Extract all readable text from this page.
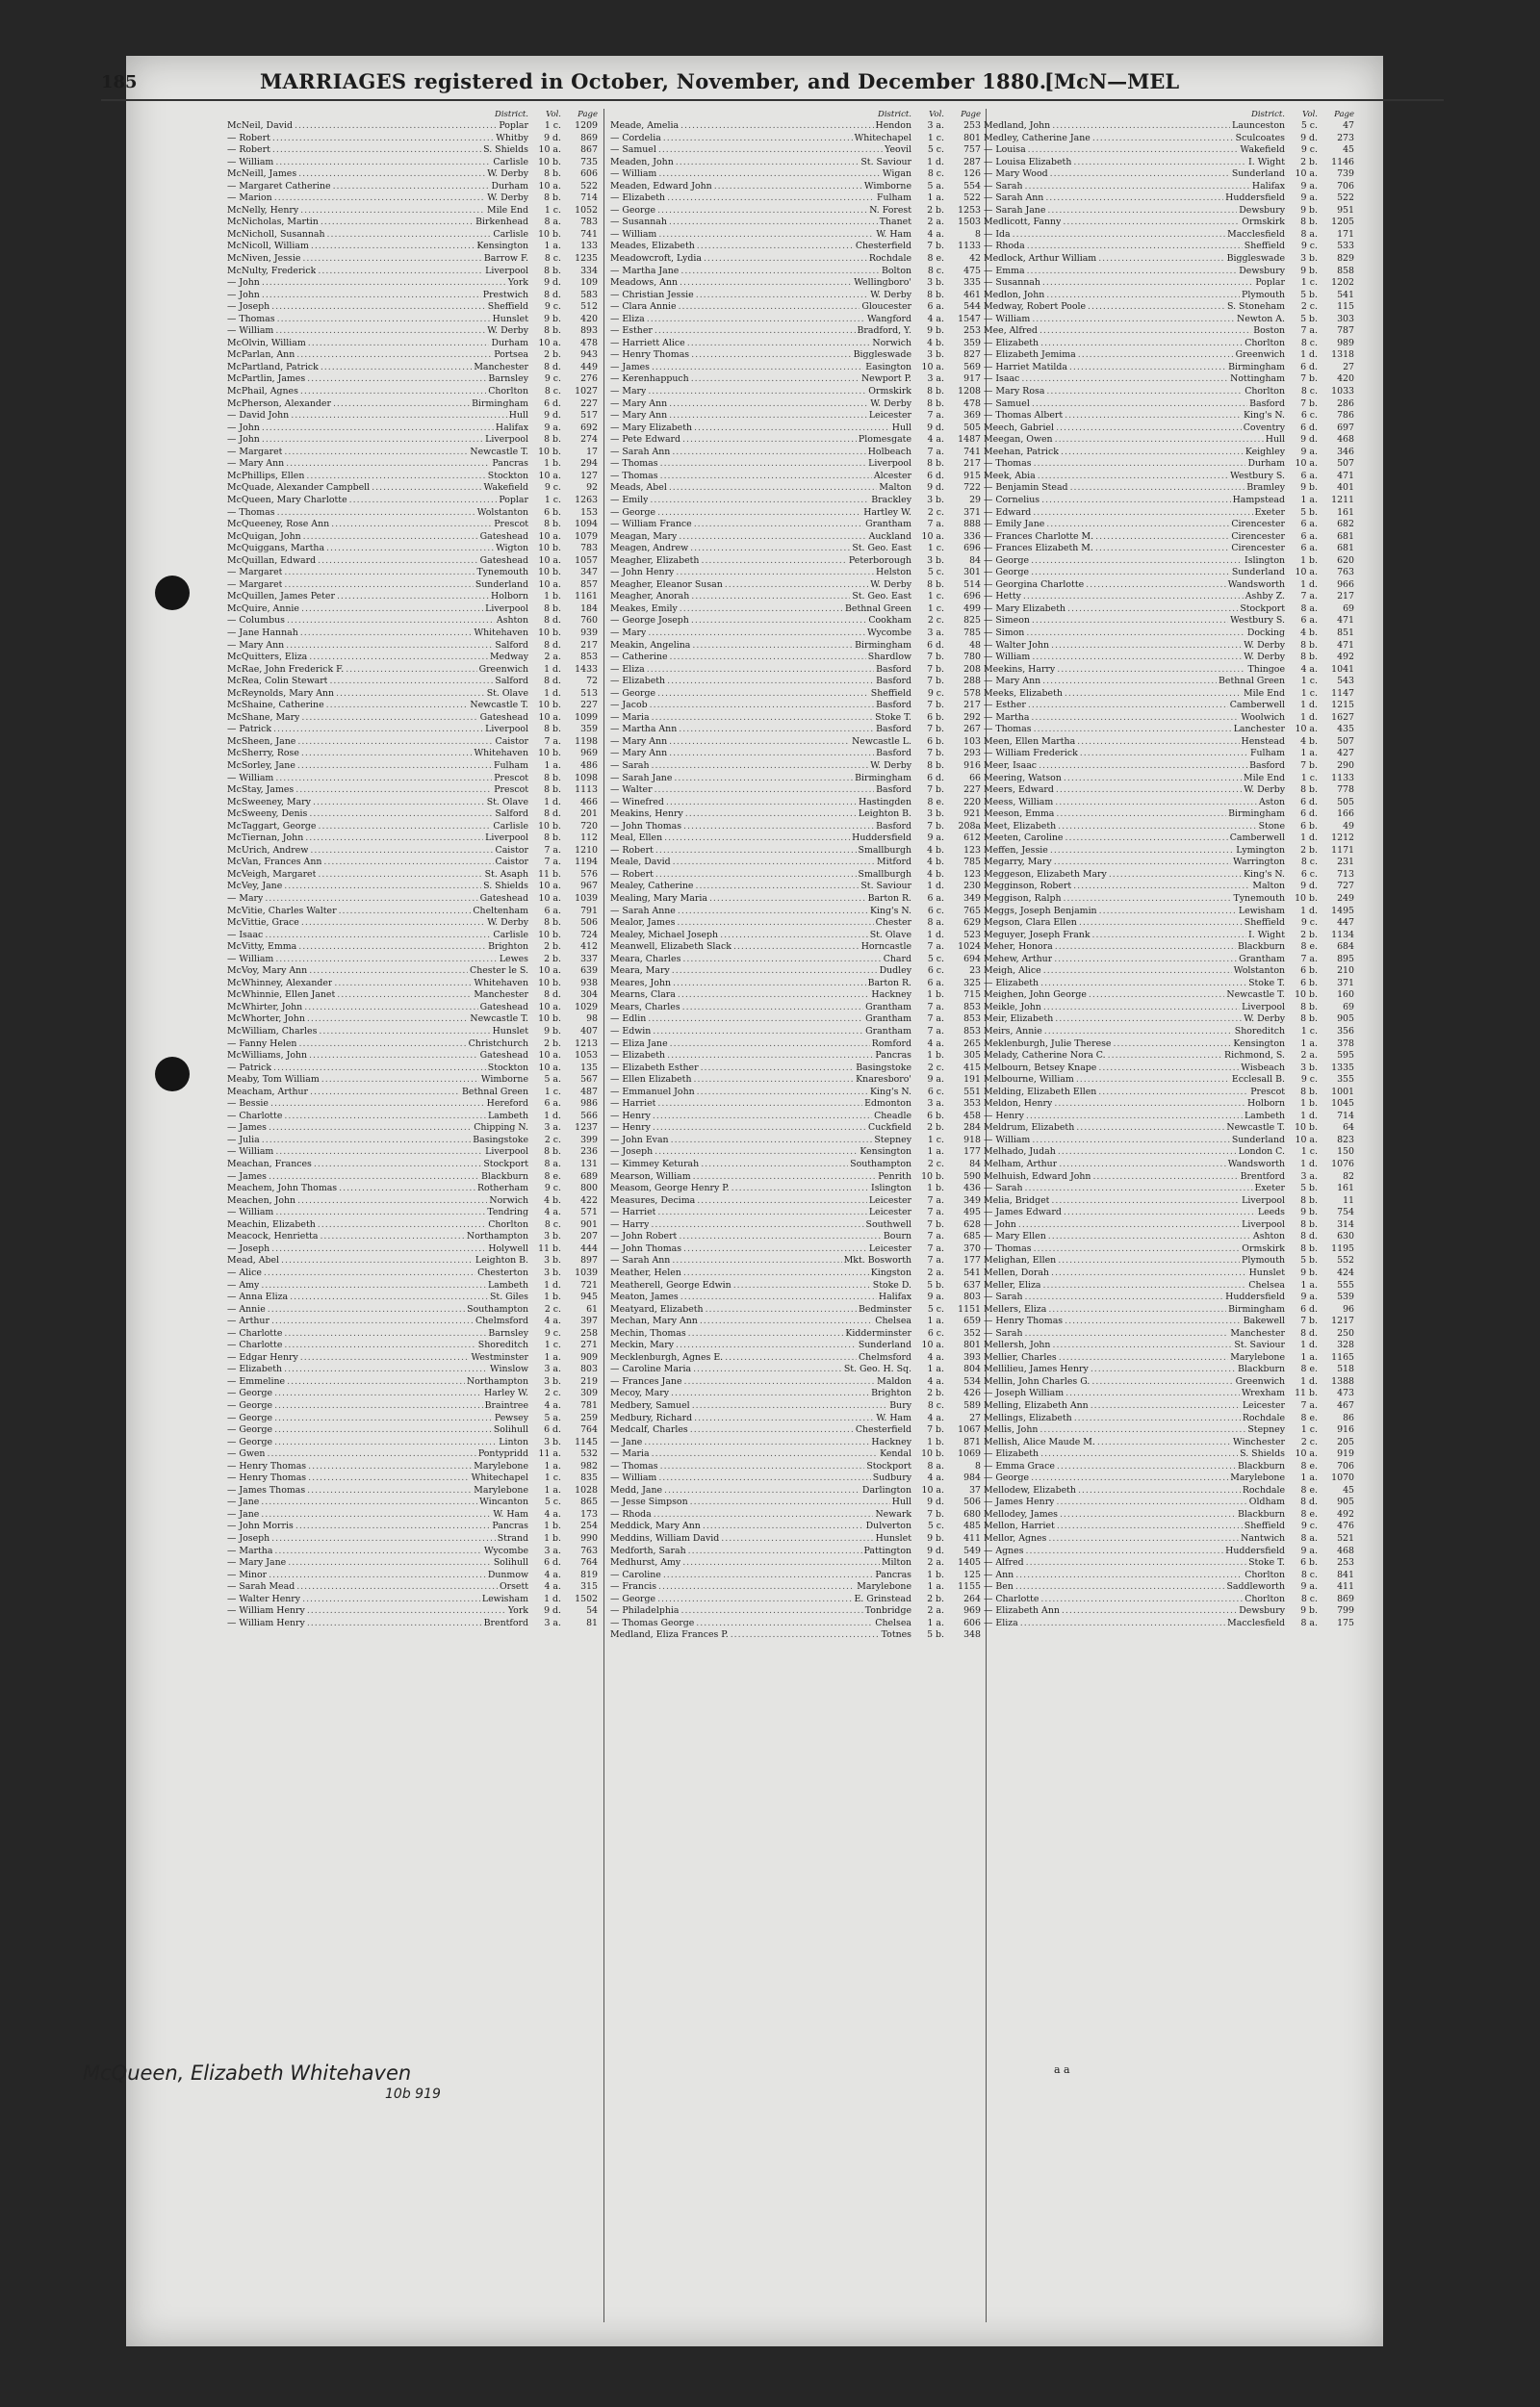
185	MARRIAGES registered in October, November, and December 1880.
[McN—MEL
District.	Vol.	Page
McNeil, David .....	Poplar	1 c.	1209
— Robert .....	Whitby	9 d.	869
— Robert .....	S. Shields	10 a.	867
— William .....	Carlisle	10 b.	735
McNeill, James .....	W. Derby	8 b.	606
— Margaret Catherine .....	Durham	10 a.	522
— Marion .....	W. Derby	8 b.	714
McNelly, Henry .....	Mile End	1 c.	1052
McNicholas, Martin .....	Birkenhead	8 a.	783
McNicholl, Susannah .....	Carlisle	10 b.	741
McNicoll, William .....	Kensington	1 a.	133
McNiven, Jessie .....	Barrow F.	8 c.	1235
McNulty, Frederick .....	Liverpool	8 b.	334
— John .....	York	9 d.	109
— John .....	Prestwich	8 d.	583
— Joseph .....	Sheffield	9 c.	512
— Thomas .....	Hunslet	9 b.	420
— William .....	W. Derby	8 b.	893
McOlvin, William .....	Durham	10 a.	478
McParlan, Ann .....	Portsea	2 b.	943
McPartland, Patrick .....	Manchester	8 d.	449
McPartlin, James .....	Barnsley	9 c.	276
McPhail, Agnes .....	Chorlton	8 c.	1027
McPherson, Alexander .....	Birmingham	6 d.	227
— David John .....	Hull	9 d.	517
— John .....	Halifax	9 a.	692
— John .....	Liverpool	8 b.	274
— Margaret .....	Newcastle T.	10 b.	17
— Mary Ann .....	Pancras	1 b.	294
McPhillips, Ellen .....	Stockton	10 a.	127
McQuade, Alexander Campbell .....	Wakefield	9 c.	92
McQueen, Mary Charlotte .....	Poplar	1 c.	1263
— Thomas .....	Wolstanton	6 b.	153
McQueeney, Rose Ann .....	Prescot	8 b.	1094
McQuigan, John .....	Gateshead	10 a.	1079
McQuiggans, Martha .....	Wigton	10 b.	783
McQuillan, Edward .....	Gateshead	10 a.	1057
— Margaret .....	Tynemouth	10 b.	347
— Margaret .....	Sunderland	10 a.	857
McQuillen, James Peter .....	Holborn	1 b.	1161
McQuire, Annie .....	Liverpool	8 b.	184
— Columbus .....	Ashton	8 d.	760
— Jane Hannah .....	Whitehaven	10 b.	939
— Mary Ann .....	Salford	8 d.	217
McQuitters, Eliza .....	Medway	2 a.	853
McRae, John Frederick F. .....	Greenwich	1 d.	1433
McRea, Colin Stewart .....	Salford	8 d.	72
McReynolds, Mary Ann .....	St. Olave	1 d.	513
McShaine, Catherine .....	Newcastle T.	10 b.	227
McShane, Mary .....	Gateshead	10 a.	1099
— Patrick .....	Liverpool	8 b.	359
McSheen, Jane .....	Caistor	7 a.	1198
McSherry, Rose .....	Whitehaven	10 b.	969
McSorley, Jane .....	Fulham	1 a.	486
— William .....	Prescot	8 b.	1098
McStay, James .....	Prescot	8 b.	1113
McSweeney, Mary .....	St. Olave	1 d.	466
McSweeny, Denis .....	Salford	8 d.	201
McTaggart, George .....	Carlisle	10 b.	720
McTiernan, John .....	Liverpool	8 b.	112
McUrich, Andrew .....	Caistor	7 a.	1210
McVan, Frances Ann .....	Caistor	7 a.	1194
McVeigh, Margaret .....	St. Asaph	11 b.	576
McVey, Jane .....	S. Shields	10 a.	967
— Mary .....	Gateshead	10 a.	1039
McVitie, Charles Walter .....	Cheltenham	6 a.	791
McVittie, Grace .....	W. Derby	8 b.	506
— Isaac .....	Carlisle	10 b.	724
McVitty, Emma .....	Brighton	2 b.	412
— William .....	Lewes	2 b.	337
McVoy, Mary Ann .....	Chester le S.	10 a.	639
McWhinney, Alexander .....	Whitehaven	10 b.	938
McWhinnie, Ellen Janet .....	Manchester	8 d.	304
McWhirter, John .....	Gateshead	10 a.	1029
McWhorter, John .....	Newcastle T.	10 b.	98
McWilliam, Charles .....	Hunslet	9 b.	407
— Fanny Helen .....	Christchurch	2 b.	1213
McWilliams, John .....	Gateshead	10 a.	1053
— Patrick .....	Stockton	10 a.	135
Meaby, Tom William .....	Wimborne	5 a.	567
Meacham, Arthur .....	Bethnal Green	1 c.	487
— Bessie .....	Hereford	6 a.	986
— Charlotte .....	Lambeth	1 d.	566
— James .....	Chipping N.	3 a.	1237
— Julia .....	Basingstoke	2 c.	399
— William .....	Liverpool	8 b.	236
Meachan, Frances .....	Stockport	8 a.	131
— James .....	Blackburn	8 e.	689
Meachem, John Thomas .....	Rotherham	9 c.	800
Meachen, John .....	Norwich	4 b.	422
— William .....	Tendring	4 a.	571
Meachin, Elizabeth .....	Chorlton	8 c.	901
Meacock, Henrietta .....	Northampton	3 b.	207
— Joseph .....	Holywell	11 b.	444
Mead, Abel .....	Leighton B.	3 b.	897
— Alice .....	Chesterton	3 b.	1039
— Amy .....	Lambeth	1 d.	721
— Anna Eliza .....	St. Giles	1 b.	945
— Annie .....	Southampton	2 c.	61
— Arthur .....	Chelmsford	4 a.	397
— Charlotte .....	Barnsley	9 c.	258
— Charlotte .....	Shoreditch	1 c.	271
— Edgar Henry .....	Westminster	1 a.	909
— Elizabeth .....	Winslow	3 a.	803
— Emmeline .....	Northampton	3 b.	219
— George .....	Harley W.	2 c.	309
— George .....	Braintree	4 a.	781
— George .....	Pewsey	5 a.	259
— George .....	Solihull	6 d.	764
— George .....	Linton	3 b.	1145
— Gwen .....	Pontypridd	11 a.	532
— Henry Thomas .....	Marylebone	1 a.	982
— Henry Thomas .....	Whitechapel	1 c.	835
— James Thomas .....	Marylebone	1 a.	1028
— Jane .....	Wincanton	5 c.	865
— Jane .....	W. Ham	4 a.	173
— John Morris .....	Pancras	1 b.	254
— Joseph .....	Strand	1 b.	990
— Martha .....	Wycombe	3 a.	763
— Mary Jane .....	Solihull	6 d.	764
— Minor .....	Dunmow	4 a.	819
— Sarah Mead .....	Orsett	4 a.	315
— Walter Henry .....	Lewisham	1 d.	1502
— William Henry .....	York	9 d.	54
— William Henry .....	Brentford	3 a.	81
District.	Vol.	Page
Meade, Amelia .....	Hendon	3 a.	253
— Cordelia .....	Whitechapel	1 c.	801
— Samuel .....	Yeovil	5 c.	757
Meaden, John .....	St. Saviour	1 d.	287
— William .....	Wigan	8 c.	126
Meaden, Edward John .....	Wimborne	5 a.	554
— Elizabeth .....	Fulham	1 a.	522
— George .....	N. Forest	2 b.	1253
— Susannah .....	Thanet	2 a.	1503
— William .....	W. Ham	4 a.	8
Meades, Elizabeth .....	Chesterfield	7 b.	1133
Meadowcroft, Lydia .....	Rochdale	8 e.	42
— Martha Jane .....	Bolton	8 c.	475
Meadows, Ann .....	Wellingboro'	3 b.	335
— Christian Jessie .....	W. Derby	8 b.	461
— Clara Annie .....	Gloucester	6 a.	544
— Eliza .....	Wangford	4 a.	1547
— Esther .....	Bradford, Y.	9 b.	253
— Harriett Alice .....	Norwich	4 b.	359
— Henry Thomas .....	Biggleswade	3 b.	827
— James .....	Easington	10 a.	569
— Kerenhappuch .....	Newport P.	3 a.	917
— Mary .....	Ormskirk	8 b.	1208
— Mary Ann .....	W. Derby	8 b.	478
— Mary Ann .....	Leicester	7 a.	369
— Mary Elizabeth .....	Hull	9 d.	505
— Pete Edward .....	Plomesgate	4 a.	1487
— Sarah Ann .....	Holbeach	7 a.	741
— Thomas .....	Liverpool	8 b.	217
— Thomas .....	Alcester	6 d.	915
Meads, Abel .....	Malton	9 d.	722
— Emily .....	Brackley	3 b.	29
— George .....	Hartley W.	2 c.	371
— William France .....	Grantham	7 a.	888
Meagan, Mary .....	Auckland	10 a.	336
Meagen, Andrew .....	St. Geo. East	1 c.	696
Meagher, Elizabeth .....	Peterborough	3 b.	84
— John Henry .....	Helston	5 c.	301
Meagher, Eleanor Susan .....	W. Derby	8 b.	514
Meagher, Anorah .....	St. Geo. East	1 c.	696
Meakes, Emily .....	Bethnal Green	1 c.	499
— George Joseph .....	Cookham	2 c.	825
— Mary .....	Wycombe	3 a.	785
Meakin, Angelina .....	Birmingham	6 d.	48
— Catherine .....	Shardlow	7 b.	780
— Eliza .....	Basford	7 b.	208
— Elizabeth .....	Basford	7 b.	288
— George .....	Sheffield	9 c.	578
— Jacob .....	Basford	7 b.	217
— Maria .....	Stoke T.	6 b.	292
— Martha Ann .....	Basford	7 b.	267
— Mary Ann .....	Newcastle L.	6 b.	103
— Mary Ann .....	Basford	7 b.	293
— Sarah .....	W. Derby	8 b.	916
— Sarah Jane .....	Birmingham	6 d.	66
— Walter .....	Basford	7 b.	227
— Winefred .....	Hastingden	8 e.	220
Meakins, Henry .....	Leighton B.	3 b.	921
— John Thomas .....	Basford	7 b.	208a
Meal, Ellen .....	Huddersfield	9 a.	612
— Robert .....	Smallburgh	4 b.	123
Meale, David .....	Mitford	4 b.	785
— Robert .....	Smallburgh	4 b.	123
Mealey, Catherine .....	St. Saviour	1 d.	230
Mealing, Mary Maria .....	Barton R.	6 a.	349
— Sarah Anne .....	King's N.	6 c.	765
Mealor, James .....	Chester	8 a.	629
Mealey, Michael Joseph .....	St. Olave	1 d.	523
Meanwell, Elizabeth Slack .....	Horncastle	7 a.	1024
Meara, Charles .....	Chard	5 c.	694
Meara, Mary .....	Dudley	6 c.	23
Meares, John .....	Barton R.	6 a.	325
Mearns, Clara .....	Hackney	1 b.	715
Mears, Charles .....	Grantham	7 a.	853
— Edlin .....	Grantham	7 a.	853
— Edwin .....	Grantham	7 a.	853
— Eliza Jane .....	Romford	4 a.	265
— Elizabeth .....	Pancras	1 b.	305
— Elizabeth Esther .....	Basingstoke	2 c.	415
— Ellen Elizabeth .....	Knaresboro'	9 a.	191
— Emmanuel John .....	King's N.	6 c.	551
— Harriet .....	Edmonton	3 a.	353
— Henry .....	Cheadle	6 b.	458
— Henry .....	Cuckfield	2 b.	284
— John Evan .....	Stepney	1 c.	918
— Joseph .....	Kensington	1 a.	177
— Kimmey Keturah .....	Southampton	2 c.	84
Mearson, William .....	Penrith	10 b.	590
Measom, George Henry P. .....	Islington	1 b.	436
Measures, Decima .....	Leicester	7 a.	349
— Harriet .....	Leicester	7 a.	495
— Harry .....	Southwell	7 b.	628
— John Robert .....	Bourn	7 a.	685
— John Thomas .....	Leicester	7 a.	370
— Sarah Ann .....	Mkt. Bosworth	7 a.	177
Meather, Helen .....	Kingston	2 a.	541
Meatherell, George Edwin .....	Stoke D.	5 b.	637
Meaton, James .....	Halifax	9 a.	803
Meatyard, Elizabeth .....	Bedminster	5 c.	1151
Mechan, Mary Ann .....	Chelsea	1 a.	659
Mechin, Thomas .....	Kidderminster	6 c.	352
Meckin, Mary .....	Sunderland	10 a.	801
Mecklenburgh, Agnes E. .....	Chelmsford	4 a.	393
— Caroline Maria .....	St. Geo. H. Sq.	1 a.	804
— Frances Jane .....	Maldon	4 a.	534
Mecoy, Mary .....	Brighton	2 b.	426
Medbery, Samuel .....	Bury	8 c.	589
Medbury, Richard .....	W. Ham	4 a.	27
Medcalf, Charles .....	Chesterfield	7 b.	1067
— Jane .....	Hackney	1 b.	871
— Maria .....	Kendal	10 b.	1069
— Thomas .....	Stockport	8 a.	8
— William .....	Sudbury	4 a.	984
Medd, Jane .....	Darlington	10 a.	37
— Jesse Simpson .....	Hull	9 d.	506
— Rhoda .....	Newark	7 b.	680
Meddick, Mary Ann .....	Dulverton	5 c.	485
Meddins, William David .....	Hunslet	9 b.	411
Medforth, Sarah .....	Pattington	9 d.	549
Medhurst, Amy .....	Milton	2 a.	1405
— Caroline .....	Pancras	1 b.	125
— Francis .....	Marylebone	1 a.	1155
— George .....	E. Grinstead	2 b.	264
— Philadelphia .....	Tonbridge	2 a.	969
— Thomas George .....	Chelsea	1 a.	606
Medland, Eliza Frances P. .....	Totnes	5 b.	348
District.	Vol.	Page
Medland, John .....	Launceston	5 c.	47
Medley, Catherine Jane .....	Sculcoates	9 d.	273
— Louisa .....	Wakefield	9 c.	45
— Louisa Elizabeth .....	I. Wight	2 b.	1146
— Mary Wood .....	Sunderland	10 a.	739
— Sarah .....	Halifax	9 a.	706
— Sarah Ann .....	Huddersfield	9 a.	522
— Sarah Jane .....	Dewsbury	9 b.	951
Medlicott, Fanny .....	Ormskirk	8 b.	1205
— Ida .....	Macclesfield	8 a.	171
— Rhoda .....	Sheffield	9 c.	533
Medlock, Arthur William .....	Biggleswade	3 b.	829
— Emma .....	Dewsbury	9 b.	858
— Susannah .....	Poplar	1 c.	1202
Medlon, John .....	Plymouth	5 b.	541
Medway, Robert Poole .....	S. Stoneham	2 c.	115
— William .....	Newton A.	5 b.	303
Mee, Alfred .....	Boston	7 a.	787
— Elizabeth .....	Chorlton	8 c.	989
— Elizabeth Jemima .....	Greenwich	1 d.	1318
— Harriet Matilda .....	Birmingham	6 d.	27
— Isaac .....	Nottingham	7 b.	420
— Mary Rosa .....	Chorlton	8 c.	1033
— Samuel .....	Basford	7 b.	286
— Thomas Albert .....	King's N.	6 c.	786
Meech, Gabriel .....	Coventry	6 d.	697
Meegan, Owen .....	Hull	9 d.	468
Meehan, Patrick .....	Keighley	9 a.	346
— Thomas .....	Durham	10 a.	507
Meek, Abia .....	Westbury S.	6 a.	471
— Benjamin Stead .....	Bramley	9 b.	401
— Cornelius .....	Hampstead	1 a.	1211
— Edward .....	Exeter	5 b.	161
— Emily Jane .....	Cirencester	6 a.	682
— Frances Charlotte M. .....	Cirencester	6 a.	681
— Frances Elizabeth M. .....	Cirencester	6 a.	681
— George .....	Islington	1 b.	620
— George .....	Sunderland	10 a.	763
— Georgina Charlotte .....	Wandsworth	1 d.	966
— Hetty .....	Ashby Z.	7 a.	217
— Mary Elizabeth .....	Stockport	8 a.	69
— Simeon .....	Westbury S.	6 a.	471
— Simon .....	Docking	4 b.	851
— Walter John .....	W. Derby	8 b.	471
— William .....	W. Derby	8 b.	492
Meekins, Harry .....	Thingoe	4 a.	1041
— Mary Ann .....	Bethnal Green	1 c.	543
Meeks, Elizabeth .....	Mile End	1 c.	1147
— Esther .....	Camberwell	1 d.	1215
— Martha .....	Woolwich	1 d.	1627
— Thomas .....	Lanchester	10 a.	435
Meen, Ellen Martha .....	Henstead	4 b.	507
— William Frederick .....	Fulham	1 a.	427
Meer, Isaac .....	Basford	7 b.	290
Meering, Watson .....	Mile End	1 c.	1133
Meers, Edward .....	W. Derby	8 b.	778
Meess, William .....	Aston	6 d.	505
Meeson, Emma .....	Birmingham	6 d.	166
Meet, Elizabeth .....	Stone	6 b.	49
Meeten, Caroline .....	Camberwell	1 d.	1212
Meffen, Jessie .....	Lymington	2 b.	1171
Megarry, Mary .....	Warrington	8 c.	231
Meggeson, Elizabeth Mary .....	King's N.	6 c.	713
Megginson, Robert .....	Malton	9 d.	727
Meggison, Ralph .....	Tynemouth	10 b.	249
Meggs, Joseph Benjamin .....	Lewisham	1 d.	1495
Megson, Clara Ellen .....	Sheffield	9 c.	447
Meguyer, Joseph Frank .....	I. Wight	2 b.	1134
Meher, Honora .....	Blackburn	8 e.	684
Mehew, Arthur .....	Grantham	7 a.	895
Meigh, Alice .....	Wolstanton	6 b.	210
— Elizabeth .....	Stoke T.	6 b.	371
Meighen, John George .....	Newcastle T.	10 b.	160
Meikle, John .....	Liverpool	8 b.	69
Meir, Elizabeth .....	W. Derby	8 b.	905
Meirs, Annie .....	Shoreditch	1 c.	356
Meklenburgh, Julie Therese .....	Kensington	1 a.	378
Melady, Catherine Nora C. .....	Richmond, S.	2 a.	595
Melbourn, Betsey Knape .....	Wisbeach	3 b.	1335
Melbourne, William .....	Ecclesall B.	9 c.	355
Melding, Elizabeth Ellen .....	Prescot	8 b.	1001
Meldon, Henry .....	Holborn	1 b.	1045
— Henry .....	Lambeth	1 d.	714
Meldrum, Elizabeth .....	Newcastle T.	10 b.	64
— William .....	Sunderland	10 a.	823
Melhado, Judah .....	London C.	1 c.	150
Melham, Arthur .....	Wandsworth	1 d.	1076
Melhuish, Edward John .....	Brentford	3 a.	82
— Sarah .....	Exeter	5 b.	161
Melia, Bridget .....	Liverpool	8 b.	11
— James Edward .....	Leeds	9 b.	754
— John .....	Liverpool	8 b.	314
— Mary Ellen .....	Ashton	8 d.	630
— Thomas .....	Ormskirk	8 b.	1195
Melighan, Ellen .....	Plymouth	5 b.	552
Mellen, Dorah .....	Hunslet	9 b.	424
Meller, Eliza .....	Chelsea	1 a.	555
— Sarah .....	Huddersfield	9 a.	539
Mellers, Eliza .....	Birmingham	6 d.	96
— Henry Thomas .....	Bakewell	7 b.	1217
— Sarah .....	Manchester	8 d.	250
Mellersh, John .....	St. Saviour	1 d.	328
Mellier, Charles .....	Marylebone	1 a.	1165
Mellilieu, James Henry .....	Blackburn	8 e.	518
Mellin, John Charles G. .....	Greenwich	1 d.	1388
— Joseph William .....	Wrexham	11 b.	473
Melling, Elizabeth Ann .....	Leicester	7 a.	467
Mellings, Elizabeth .....	Rochdale	8 e.	86
Mellis, John .....	Stepney	1 c.	916
Mellish, Alice Maude M. .....	Winchester	2 c.	205
— Elizabeth .....	S. Shields	10 a.	919
— Emma Grace .....	Blackburn	8 e.	706
— George .....	Marylebone	1 a.	1070
Mellodew, Elizabeth .....	Rochdale	8 e.	45
— James Henry .....	Oldham	8 d.	905
Mellodey, James .....	Blackburn	8 e.	492
Mellon, Harriet .....	Sheffield	9 c.	476
Mellor, Agnes .....	Nantwich	8 a.	521
— Agnes .....	Huddersfield	9 a.	468
— Alfred .....	Stoke T.	6 b.	253
— Ann .....	Chorlton	8 c.	841
— Ben .....	Saddleworth	9 a.	411
— Charlotte .....	Chorlton	8 c.	869
— Elizabeth Ann .....	Dewsbury	9 b.	799
— Eliza .....	Macclesfield	8 a.	175
McQueen, Elizabeth Whitehaven
10b 919
a a
